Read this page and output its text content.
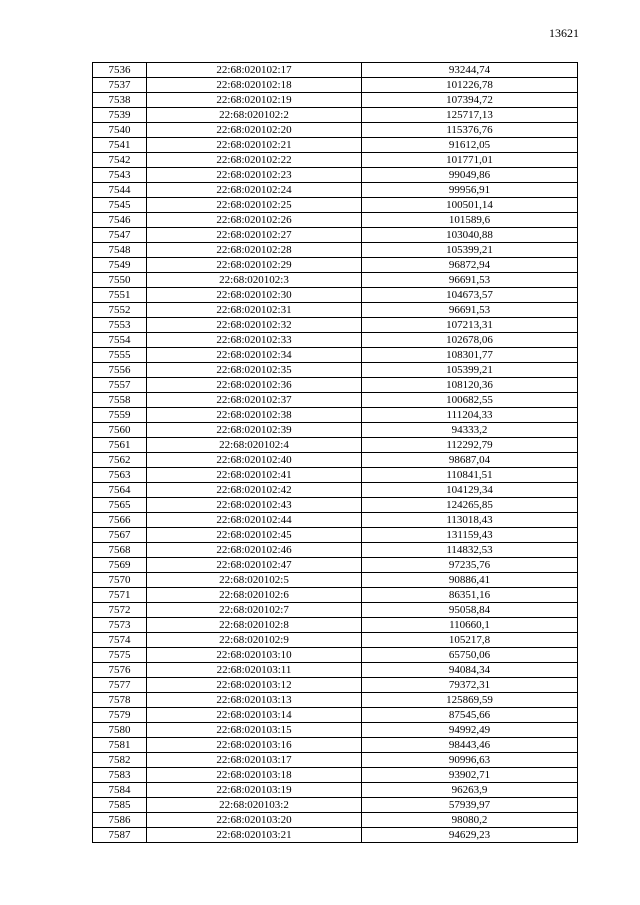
13621
7536	22:68:020102:17	93244,74
7537	22:68:020102:18	101226,78
7538	22:68:020102:19	107394,72
7539	22:68:020102:2	125717,13
7540	22:68:020102:20	115376,76
7541	22:68:020102:21	91612,05
7542	22:68:020102:22	101771,01
7543	22:68:020102:23	99049,86
7544	22:68:020102:24	99956,91
7545	22:68:020102:25	100501,14
7546	22:68:020102:26	101589,6
7547	22:68:020102:27	103040,88
7548	22:68:020102:28	105399,21
7549	22:68:020102:29	96872,94
7550	22:68:020102:3	96691,53
7551	22:68:020102:30	104673,57
7552	22:68:020102:31	96691,53
7553	22:68:020102:32	107213,31
7554	22:68:020102:33	102678,06
7555	22:68:020102:34	108301,77
7556	22:68:020102:35	105399,21
7557	22:68:020102:36	108120,36
7558	22:68:020102:37	100682,55
7559	22:68:020102:38	111204,33
7560	22:68:020102:39	94333,2
7561	22:68:020102:4	112292,79
7562	22:68:020102:40	98687,04
7563	22:68:020102:41	110841,51
7564	22:68:020102:42	104129,34
7565	22:68:020102:43	124265,85
7566	22:68:020102:44	113018,43
7567	22:68:020102:45	131159,43
7568	22:68:020102:46	114832,53
7569	22:68:020102:47	97235,76
7570	22:68:020102:5	90886,41
7571	22:68:020102:6	86351,16
7572	22:68:020102:7	95058,84
7573	22:68:020102:8	110660,1
7574	22:68:020102:9	105217,8
7575	22:68:020103:10	65750,06
7576	22:68:020103:11	94084,34
7577	22:68:020103:12	79372,31
7578	22:68:020103:13	125869,59
7579	22:68:020103:14	87545,66
7580	22:68:020103:15	94992,49
7581	22:68:020103:16	98443,46
7582	22:68:020103:17	90996,63
7583	22:68:020103:18	93902,71
7584	22:68:020103:19	96263,9
7585	22:68:020103:2	57939,97
7586	22:68:020103:20	98080,2
7587	22:68:020103:21	94629,23
